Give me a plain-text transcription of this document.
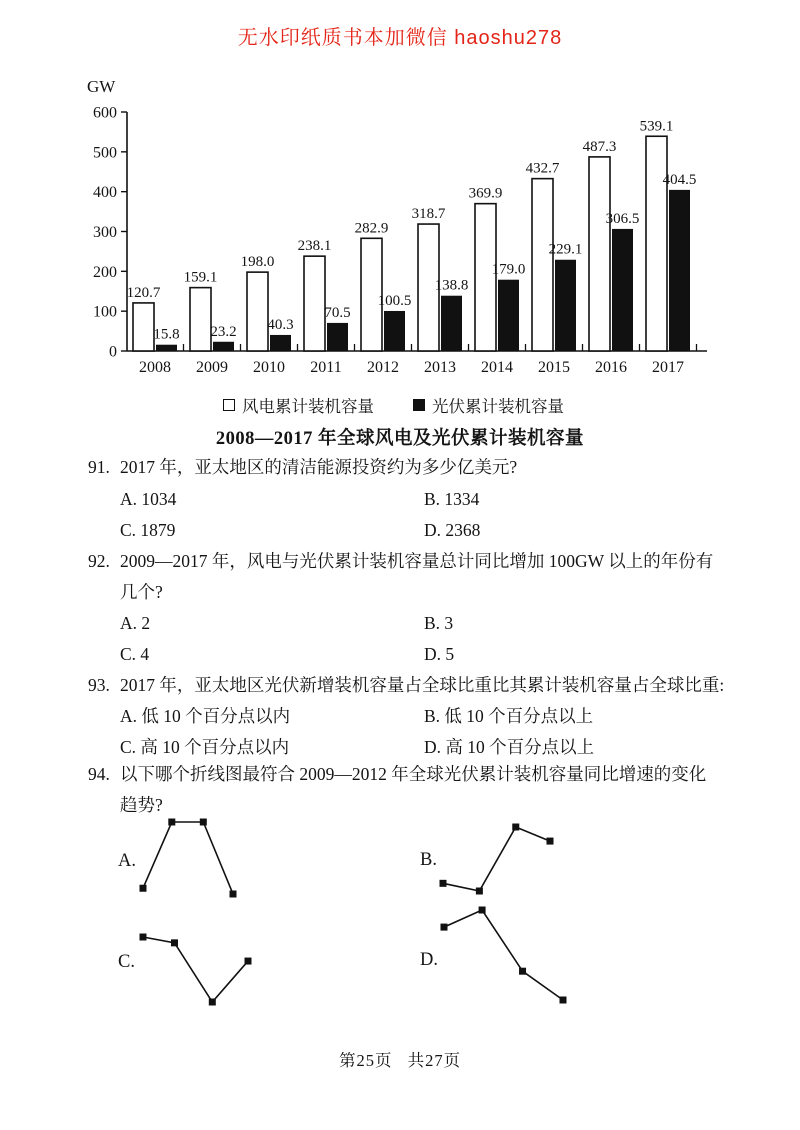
无水印纸质书本加微信 haoshu278
GW
0
100
200
300
400
500
600
120.7
15.8
2008
159.1
23.2
2009
198.0
40.3
2010
238.1
70.5
2011
282.9
100.5
2012
318.7
138.8
2013
369.9
179.0
2014
432.7
229.1
2015
487.3
306.5
2016
539.1
404.5
2017
风电累计装机容量	光伏累计装机容量
2008—2017 年全球风电及光伏累计装机容量
91. 2017 年，亚太地区的清洁能源投资约为多少亿美元?
A. 1034	B. 1334
C. 1879	D. 2368
92. 2009—2017 年，风电与光伏累计装机容量总计同比增加 100GW 以上的年份有
几个?
A. 2	B. 3
C. 4	D. 5
93. 2017 年，亚太地区光伏新增装机容量占全球比重比其累计装机容量占全球比重:
A. 低 10 个百分点以内	B. 低 10 个百分点以上
C. 高 10 个百分点以内	D. 高 10 个百分点以上
94. 以下哪个折线图最符合 2009—2012 年全球光伏累计装机容量同比增速的变化
趋势?
A.	B.
C.	D.
第25页 共27页
